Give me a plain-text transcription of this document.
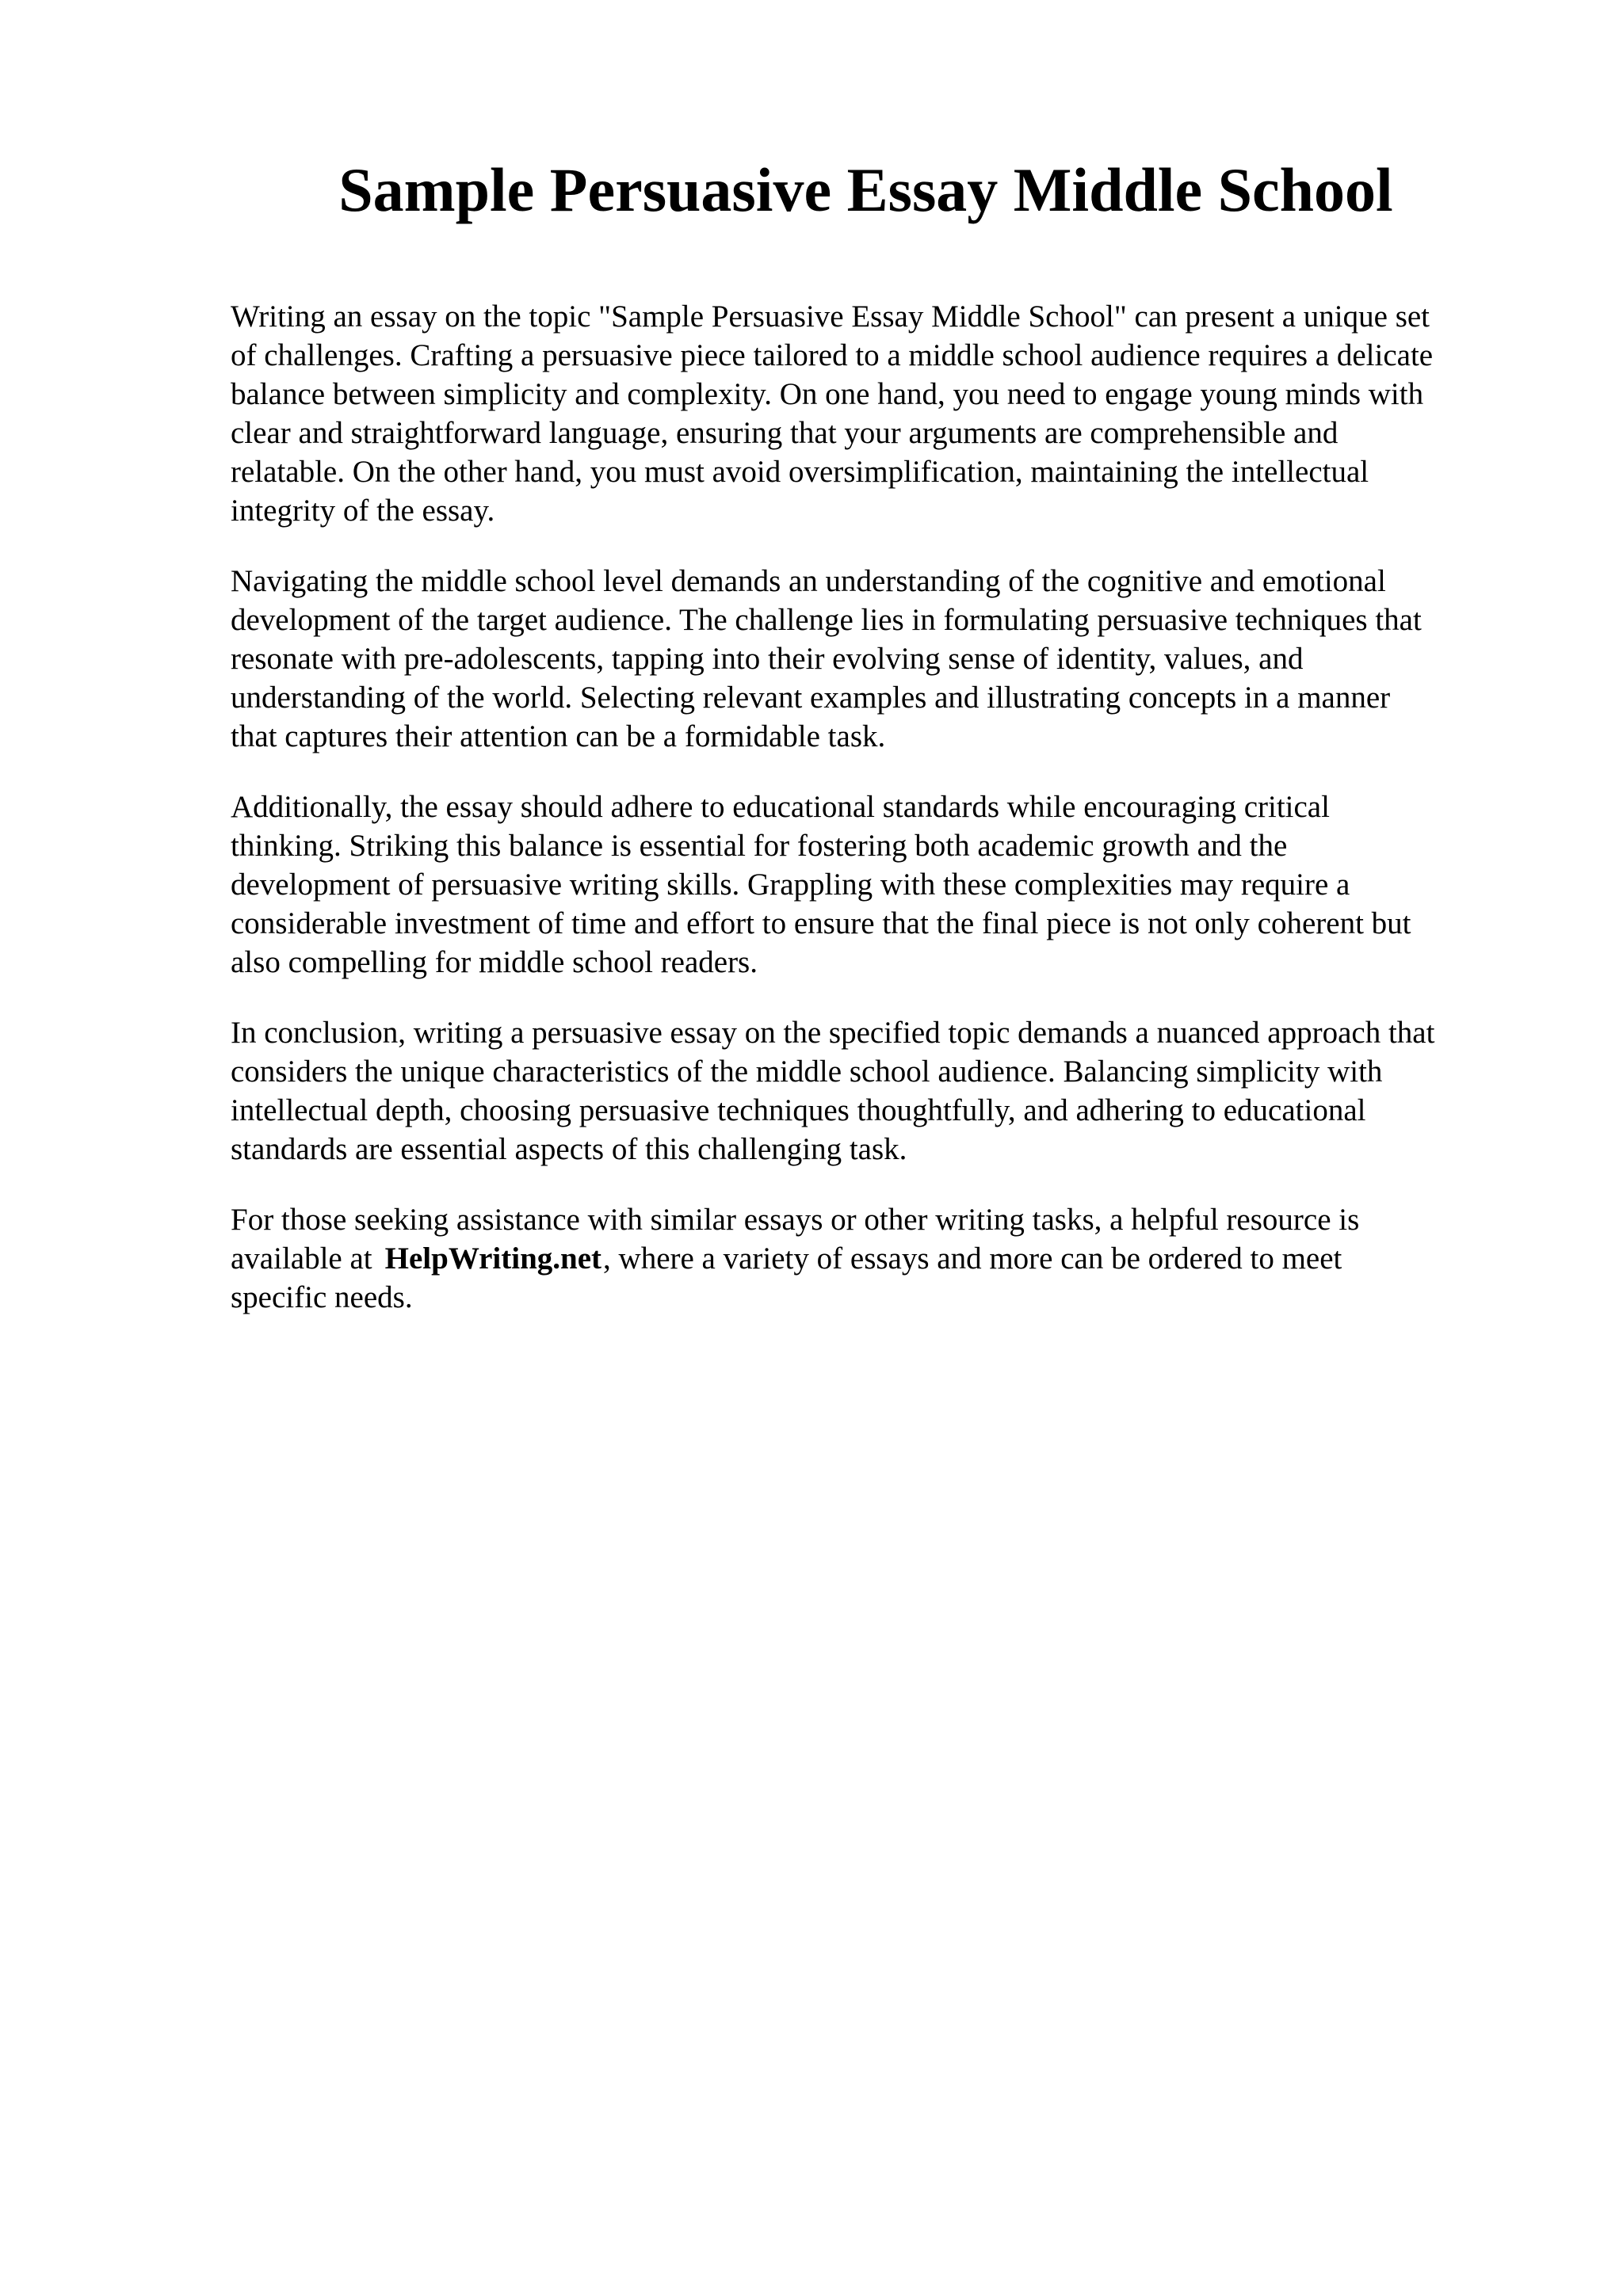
Sample Persuasive Essay Middle School

Writing an essay on the topic "Sample Persuasive Essay Middle School" can present a unique set
of challenges. Crafting a persuasive piece tailored to a middle school audience requires a delicate
balance between simplicity and complexity. On one hand, you need to engage young minds with
clear and straightforward language, ensuring that your arguments are comprehensible and
relatable. On the other hand, you must avoid oversimplification, maintaining the intellectual
integrity of the essay.

Navigating the middle school level demands an understanding of the cognitive and emotional
development of the target audience. The challenge lies in formulating persuasive techniques that
resonate with pre-adolescents, tapping into their evolving sense of identity, values, and
understanding of the world. Selecting relevant examples and illustrating concepts in a manner
that captures their attention can be a formidable task.

Additionally, the essay should adhere to educational standards while encouraging critical
thinking. Striking this balance is essential for fostering both academic growth and the
development of persuasive writing skills. Grappling with these complexities may require a
considerable investment of time and effort to ensure that the final piece is not only coherent but
also compelling for middle school readers.

In conclusion, writing a persuasive essay on the specified topic demands a nuanced approach that
considers the unique characteristics of the middle school audience. Balancing simplicity with
intellectual depth, choosing persuasive techniques thoughtfully, and adhering to educational
standards are essential aspects of this challenging task.

For those seeking assistance with similar essays or other writing tasks, a helpful resource is
available at HelpWriting.net, where a variety of essays and more can be ordered to meet
specific needs.
